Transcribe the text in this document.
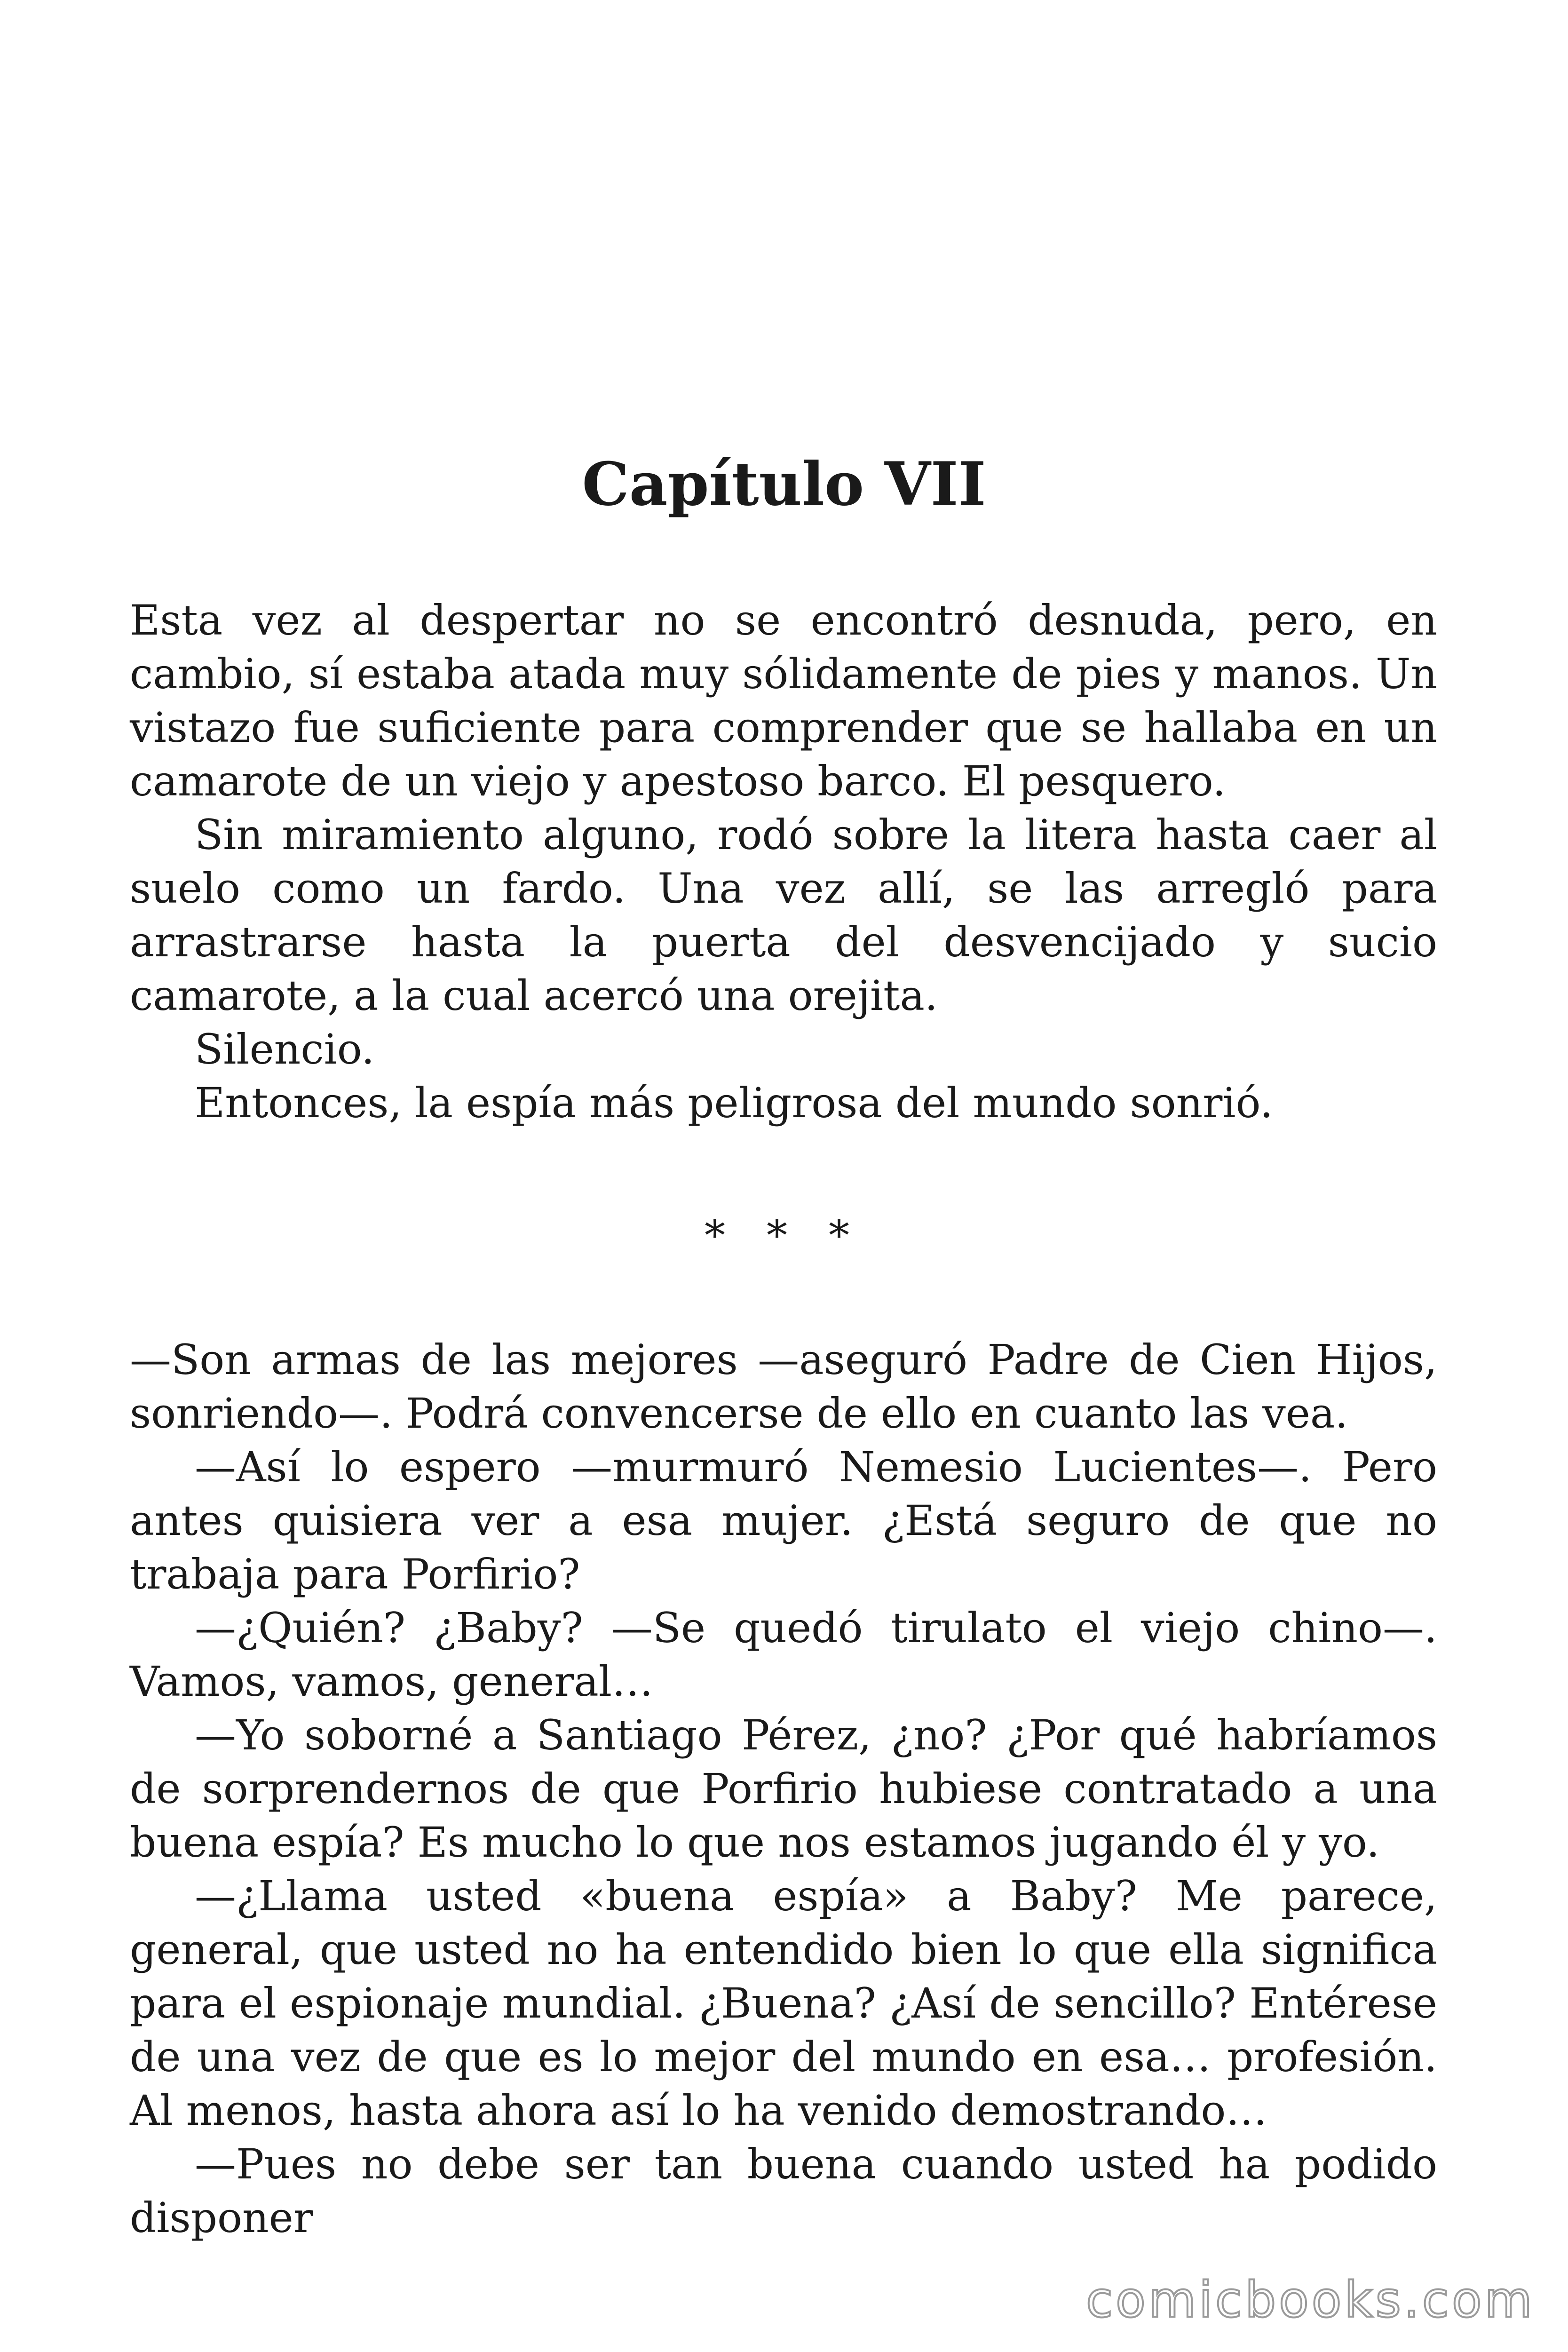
Capítulo VII

Esta vez al despertar no se encontró desnuda, pero, en cambio, sí estaba atada muy sólidamente de pies y manos. Un vistazo fue suficiente para comprender que se hallaba en un camarote de un viejo y apestoso barco. El pesquero.

Sin miramiento alguno, rodó sobre la litera hasta caer al suelo como un fardo. Una vez allí, se las arregló para arrastrarse hasta la puerta del desvencijado y sucio camarote, a la cual acercó una orejita.

Silencio.

Entonces, la espía más peligrosa del mundo sonrió.

* * *

—Son armas de las mejores —aseguró Padre de Cien Hijos, sonriendo—. Podrá convencerse de ello en cuanto las vea.

—Así lo espero —murmuró Nemesio Lucientes—. Pero antes quisiera ver a esa mujer. ¿Está seguro de que no trabaja para Porfirio?

—¿Quién? ¿Baby? —Se quedó tirulato el viejo chino—. Vamos, vamos, general…

—Yo soborné a Santiago Pérez, ¿no? ¿Por qué habríamos de sorprendernos de que Porfirio hubiese contratado a una buena espía? Es mucho lo que nos estamos jugando él y yo.

—¿Llama usted «buena espía» a Baby? Me parece, general, que usted no ha entendido bien lo que ella significa para el espionaje mundial. ¿Buena? ¿Así de sencillo? Entérese de una vez de que es lo mejor del mundo en esa… profesión. Al menos, hasta ahora así lo ha venido demostrando…

—Pues no debe ser tan buena cuando usted ha podido disponer

comicbooks.com
